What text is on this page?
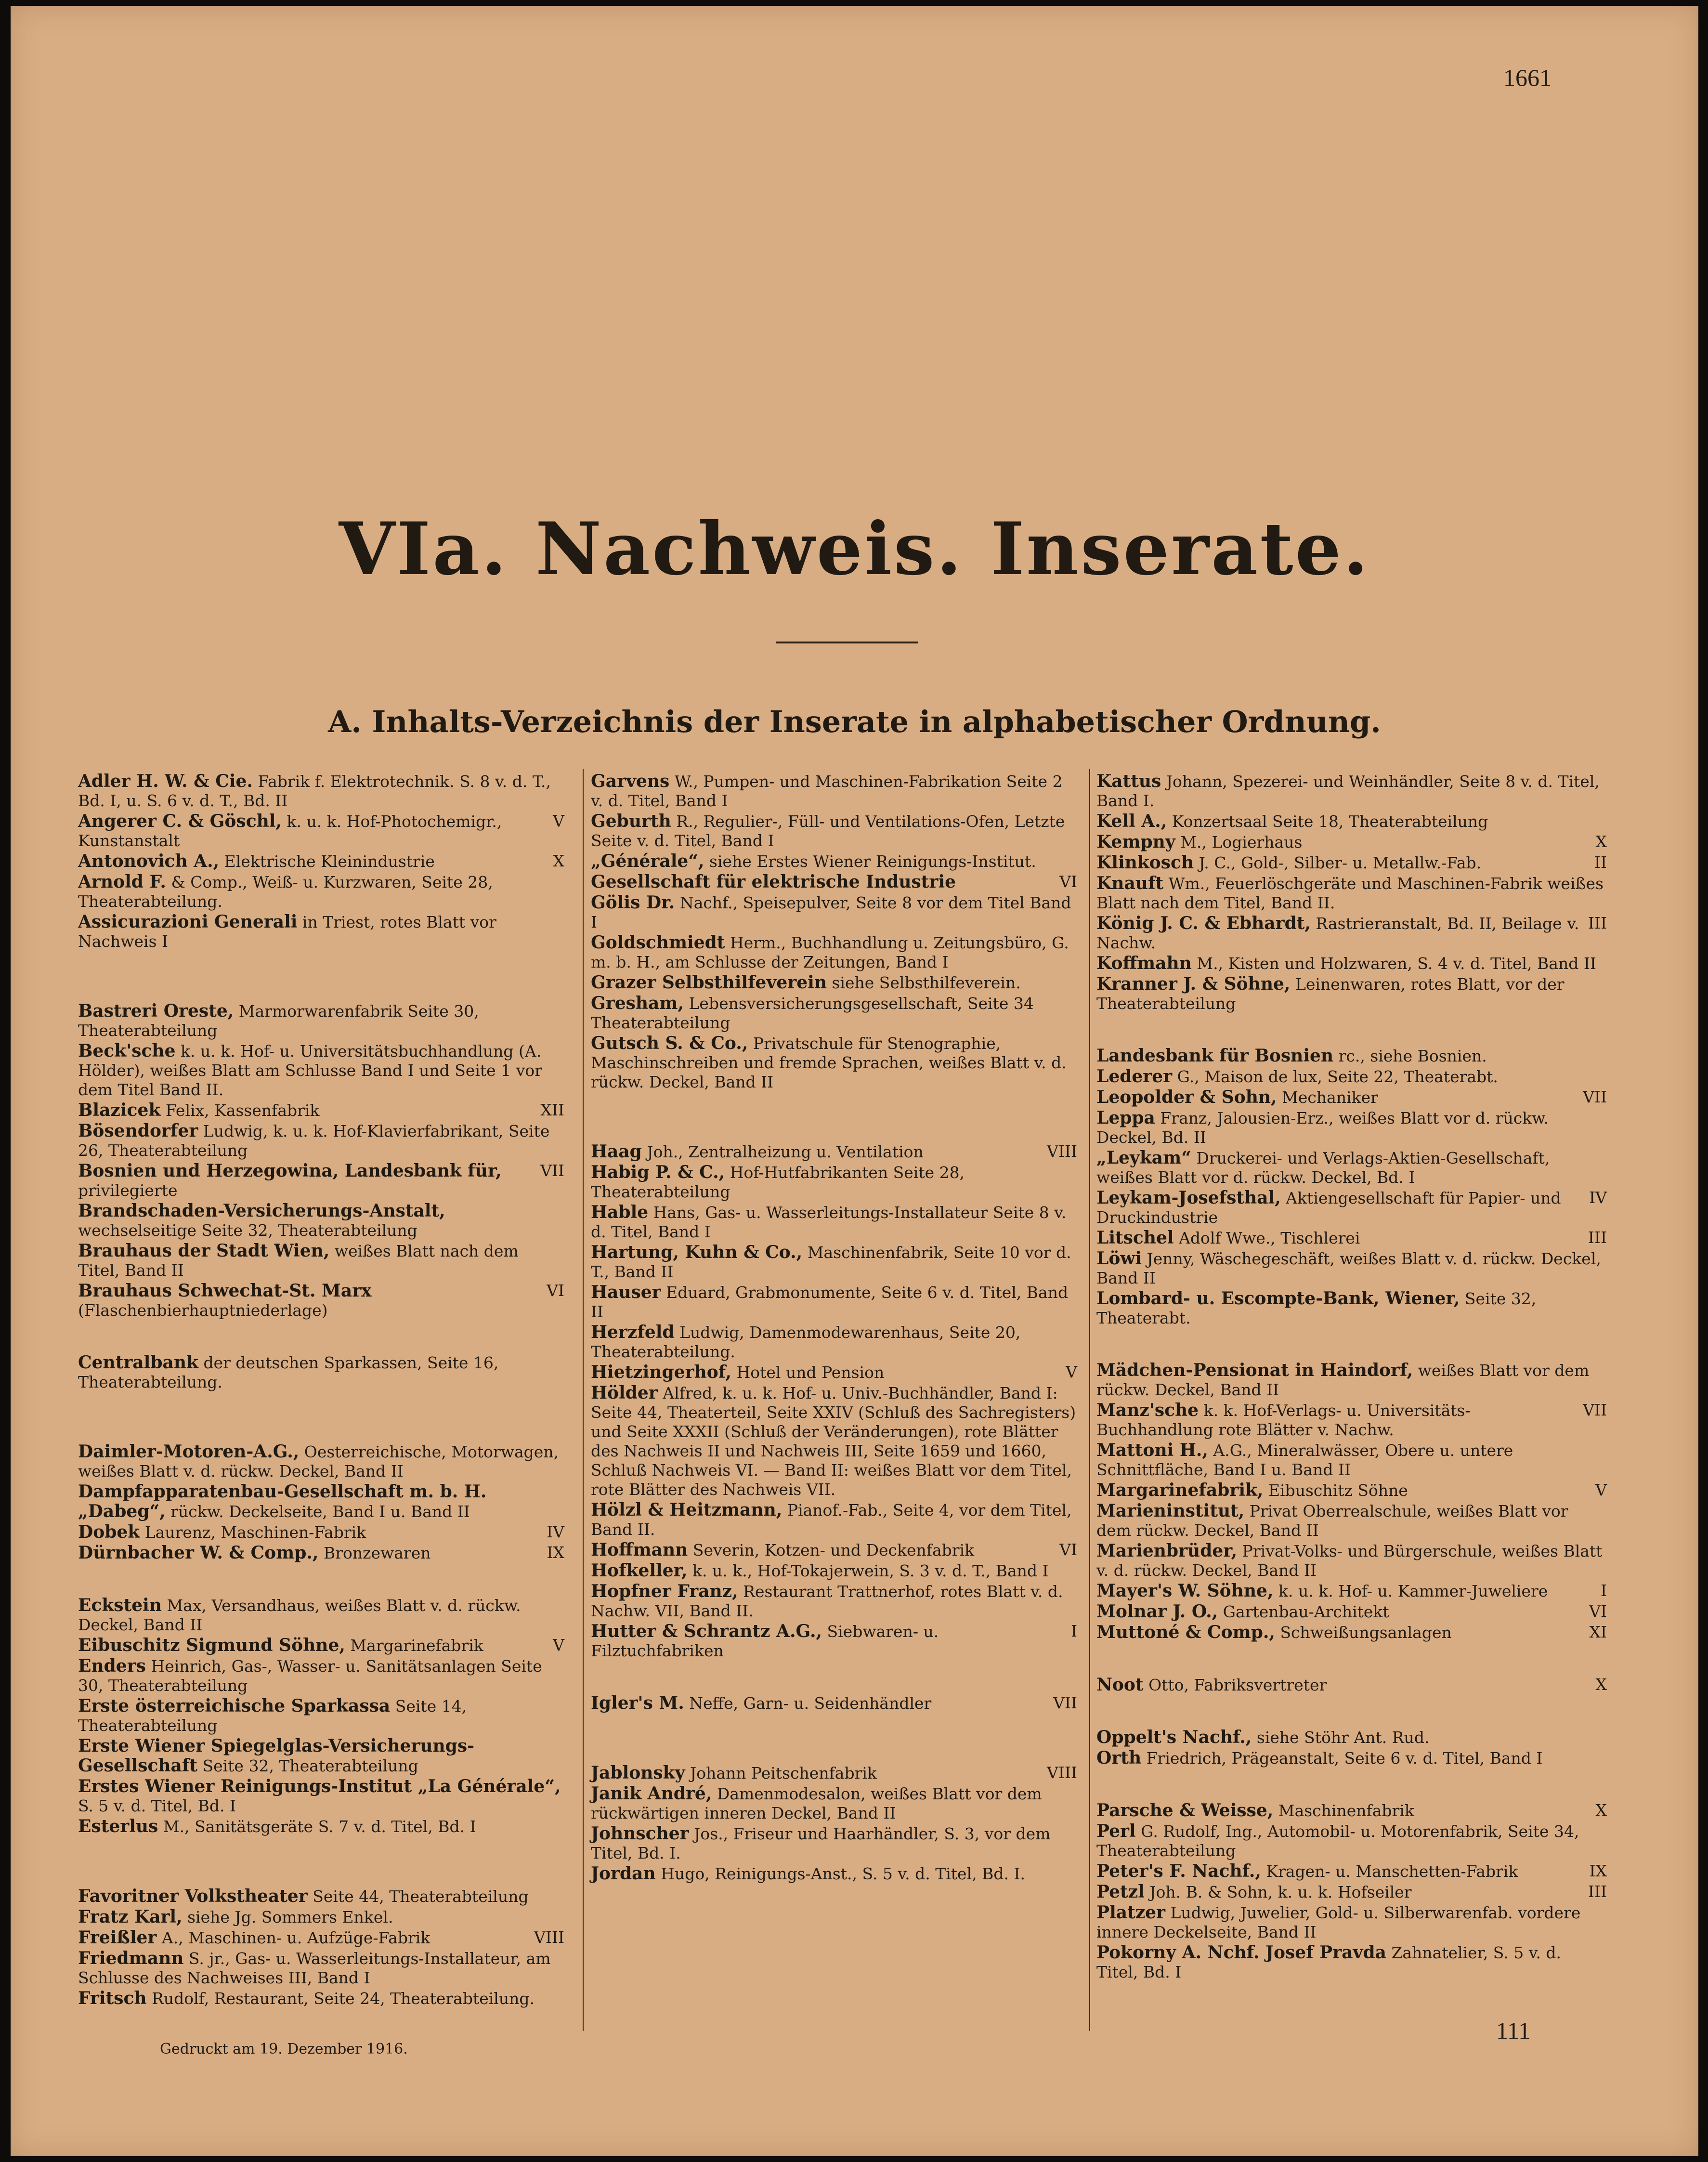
1661
VIa. Nachweis. Inserate.
A. Inhalts-Verzeichnis der Inserate in alphabetischer Ordnung.
Adler H. W. & Cie. Fabrik f. Elektrotechnik. S. 8 v. d. T., Bd. I, u. S. 6 v. d. T., Bd. II
V
Angerer C. & Göschl, k. u. k. Hof-Photochemigr., Kunstanstalt
X
Antonovich A., Elektrische Kleinindustrie
Arnold F. & Comp., Weiß- u. Kurzwaren, Seite 28, Theaterabteilung.
Assicurazioni Generali in Triest, rotes Blatt vor Nachweis I
Bastreri Oreste, Marmorwarenfabrik Seite 30, Theaterabteilung
Beck'sche k. u. k. Hof- u. Universitätsbuchhandlung (A. Hölder), weißes Blatt am Schlusse Band I und Seite 1 vor dem Titel Band II.
XII
Blazicek Felix, Kassenfabrik
Bösendorfer Ludwig, k. u. k. Hof-Klavierfabrikant, Seite 26, Theaterabteilung
VII
Bosnien und Herzegowina, Landesbank für, privilegierte
Brandschaden-Versicherungs-Anstalt, wechselseitige Seite 32, Theaterabteilung
Brauhaus der Stadt Wien, weißes Blatt nach dem Titel, Band II
VI
Brauhaus Schwechat-St. Marx (Flaschenbierhauptniederlage)
Centralbank der deutschen Sparkassen, Seite 16, Theaterabteilung.
Daimler-Motoren-A.G., Oesterreichische, Motorwagen, weißes Blatt v. d. rückw. Deckel, Band II
Dampfapparatenbau-Gesellschaft m. b. H. „Dabeg“, rückw. Deckelseite, Band I u. Band II
IV
Dobek Laurenz, Maschinen-Fabrik
IX
Dürnbacher W. & Comp., Bronzewaren
Eckstein Max, Versandhaus, weißes Blatt v. d. rückw. Deckel, Band II
V
Eibuschitz Sigmund Söhne, Margarinefabrik
Enders Heinrich, Gas-, Wasser- u. Sanitätsanlagen Seite 30, Theaterabteilung
Erste österreichische Sparkassa Seite 14, Theaterabteilung
Erste Wiener Spiegelglas-Versicherungs-Gesellschaft Seite 32, Theaterabteilung
Erstes Wiener Reinigungs-Institut „La Générale“, S. 5 v. d. Titel, Bd. I
Esterlus M., Sanitätsgeräte S. 7 v. d. Titel, Bd. I
Favoritner Volkstheater Seite 44, Theaterabteilung
Fratz Karl, siehe Jg. Sommers Enkel.
VIII
Freißler A., Maschinen- u. Aufzüge-Fabrik
Friedmann S. jr., Gas- u. Wasserleitungs-Installateur, am Schlusse des Nachweises III, Band I
Fritsch Rudolf, Restaurant, Seite 24, Theaterabteilung.
Garvens W., Pumpen- und Maschinen-Fabrikation Seite 2 v. d. Titel, Band I
Geburth R., Regulier-, Füll- und Ventilations-Ofen, Letzte Seite v. d. Titel, Band I
„Générale“, siehe Erstes Wiener Reinigungs-Institut.
VI
Gesellschaft für elektrische Industrie
Gölis Dr. Nachf., Speisepulver, Seite 8 vor dem Titel Band I
Goldschmiedt Herm., Buchhandlung u. Zeitungsbüro, G. m. b. H., am Schlusse der Zeitungen, Band I
Grazer Selbsthilfeverein siehe Selbsthilfeverein.
Gresham, Lebensversicherungsgesellschaft, Seite 34 Theaterabteilung
Gutsch S. & Co., Privatschule für Stenographie, Maschinschreiben und fremde Sprachen, weißes Blatt v. d. rückw. Deckel, Band II
VIII
Haag Joh., Zentralheizung u. Ventilation
Habig P. & C., Hof-Hutfabrikanten Seite 28, Theaterabteilung
Hable Hans, Gas- u. Wasserleitungs-Installateur Seite 8 v. d. Titel, Band I
Hartung, Kuhn & Co., Maschinenfabrik, Seite 10 vor d. T., Band II
Hauser Eduard, Grabmonumente, Seite 6 v. d. Titel, Band II
Herzfeld Ludwig, Damenmodewarenhaus, Seite 20, Theaterabteilung.
V
Hietzingerhof, Hotel und Pension
Hölder Alfred, k. u. k. Hof- u. Univ.-Buchhändler, Band I: Seite 44, Theaterteil, Seite XXIV (Schluß des Sachregisters) und Seite XXXII (Schluß der Veränderungen), rote Blätter des Nachweis II und Nachweis III, Seite 1659 und 1660, Schluß Nachweis VI. — Band II: weißes Blatt vor dem Titel, rote Blätter des Nachweis VII.
Hölzl & Heitzmann, Pianof.-Fab., Seite 4, vor dem Titel, Band II.
VI
Hoffmann Severin, Kotzen- und Deckenfabrik
Hofkeller, k. u. k., Hof-Tokajerwein, S. 3 v. d. T., Band I
Hopfner Franz, Restaurant Trattnerhof, rotes Blatt v. d. Nachw. VII, Band II.
I
Hutter & Schrantz A.G., Siebwaren- u. Filztuchfabriken
VII
Igler's M. Neffe, Garn- u. Seidenhändler
VIII
Jablonsky Johann Peitschenfabrik
Janik André, Damenmodesalon, weißes Blatt vor dem rückwärtigen inneren Deckel, Band II
Johnscher Jos., Friseur und Haarhändler, S. 3, vor dem Titel, Bd. I.
Jordan Hugo, Reinigungs-Anst., S. 5 v. d. Titel, Bd. I.
Kattus Johann, Spezerei- und Weinhändler, Seite 8 v. d. Titel, Band I.
Kell A., Konzertsaal Seite 18, Theaterabteilung
X
Kempny M., Logierhaus
II
Klinkosch J. C., Gold-, Silber- u. Metallw.-Fab.
Knauft Wm., Feuerlöschgeräte und Maschinen-Fabrik weißes Blatt nach dem Titel, Band II.
III
König J. C. & Ebhardt, Rastrieranstalt, Bd. II, Beilage v. Nachw.
Koffmahn M., Kisten und Holzwaren, S. 4 v. d. Titel, Band II
Kranner J. & Söhne, Leinenwaren, rotes Blatt, vor der Theaterabteilung
Landesbank für Bosnien rc., siehe Bosnien.
Lederer G., Maison de lux, Seite 22, Theaterabt.
VII
Leopolder & Sohn, Mechaniker
Leppa Franz, Jalousien-Erz., weißes Blatt vor d. rückw. Deckel, Bd. II
„Leykam“ Druckerei- und Verlags-Aktien-Gesellschaft, weißes Blatt vor d. rückw. Deckel, Bd. I
IV
Leykam-Josefsthal, Aktiengesellschaft für Papier- und Druckindustrie
III
Litschel Adolf Wwe., Tischlerei
Löwi Jenny, Wäschegeschäft, weißes Blatt v. d. rückw. Deckel, Band II
Lombard- u. Escompte-Bank, Wiener, Seite 32, Theaterabt.
Mädchen-Pensionat in Haindorf, weißes Blatt vor dem rückw. Deckel, Band II
VII
Manz'sche k. k. Hof-Verlags- u. Universitäts-Buchhandlung rote Blätter v. Nachw.
Mattoni H., A.G., Mineralwässer, Obere u. untere Schnittfläche, Band I u. Band II
V
Margarinefabrik, Eibuschitz Söhne
Marieninstitut, Privat Oberrealschule, weißes Blatt vor dem rückw. Deckel, Band II
Marienbrüder, Privat-Volks- und Bürgerschule, weißes Blatt v. d. rückw. Deckel, Band II
I
Mayer's W. Söhne, k. u. k. Hof- u. Kammer-Juweliere
VI
Molnar J. O., Gartenbau-Architekt
XI
Muttoné & Comp., Schweißungsanlagen
X
Noot Otto, Fabriksvertreter
Oppelt's Nachf., siehe Stöhr Ant. Rud.
Orth Friedrich, Prägeanstalt, Seite 6 v. d. Titel, Band I
X
Parsche & Weisse, Maschinenfabrik
Perl G. Rudolf, Ing., Automobil- u. Motorenfabrik, Seite 34, Theaterabteilung
IX
Peter's F. Nachf., Kragen- u. Manschetten-Fabrik
III
Petzl Joh. B. & Sohn, k. u. k. Hofseiler
Platzer Ludwig, Juwelier, Gold- u. Silberwarenfab. vordere innere Deckelseite, Band II
Pokorny A. Nchf. Josef Pravda Zahnatelier, S. 5 v. d. Titel, Bd. I
Gedruckt am 19. Dezember 1916.
111
